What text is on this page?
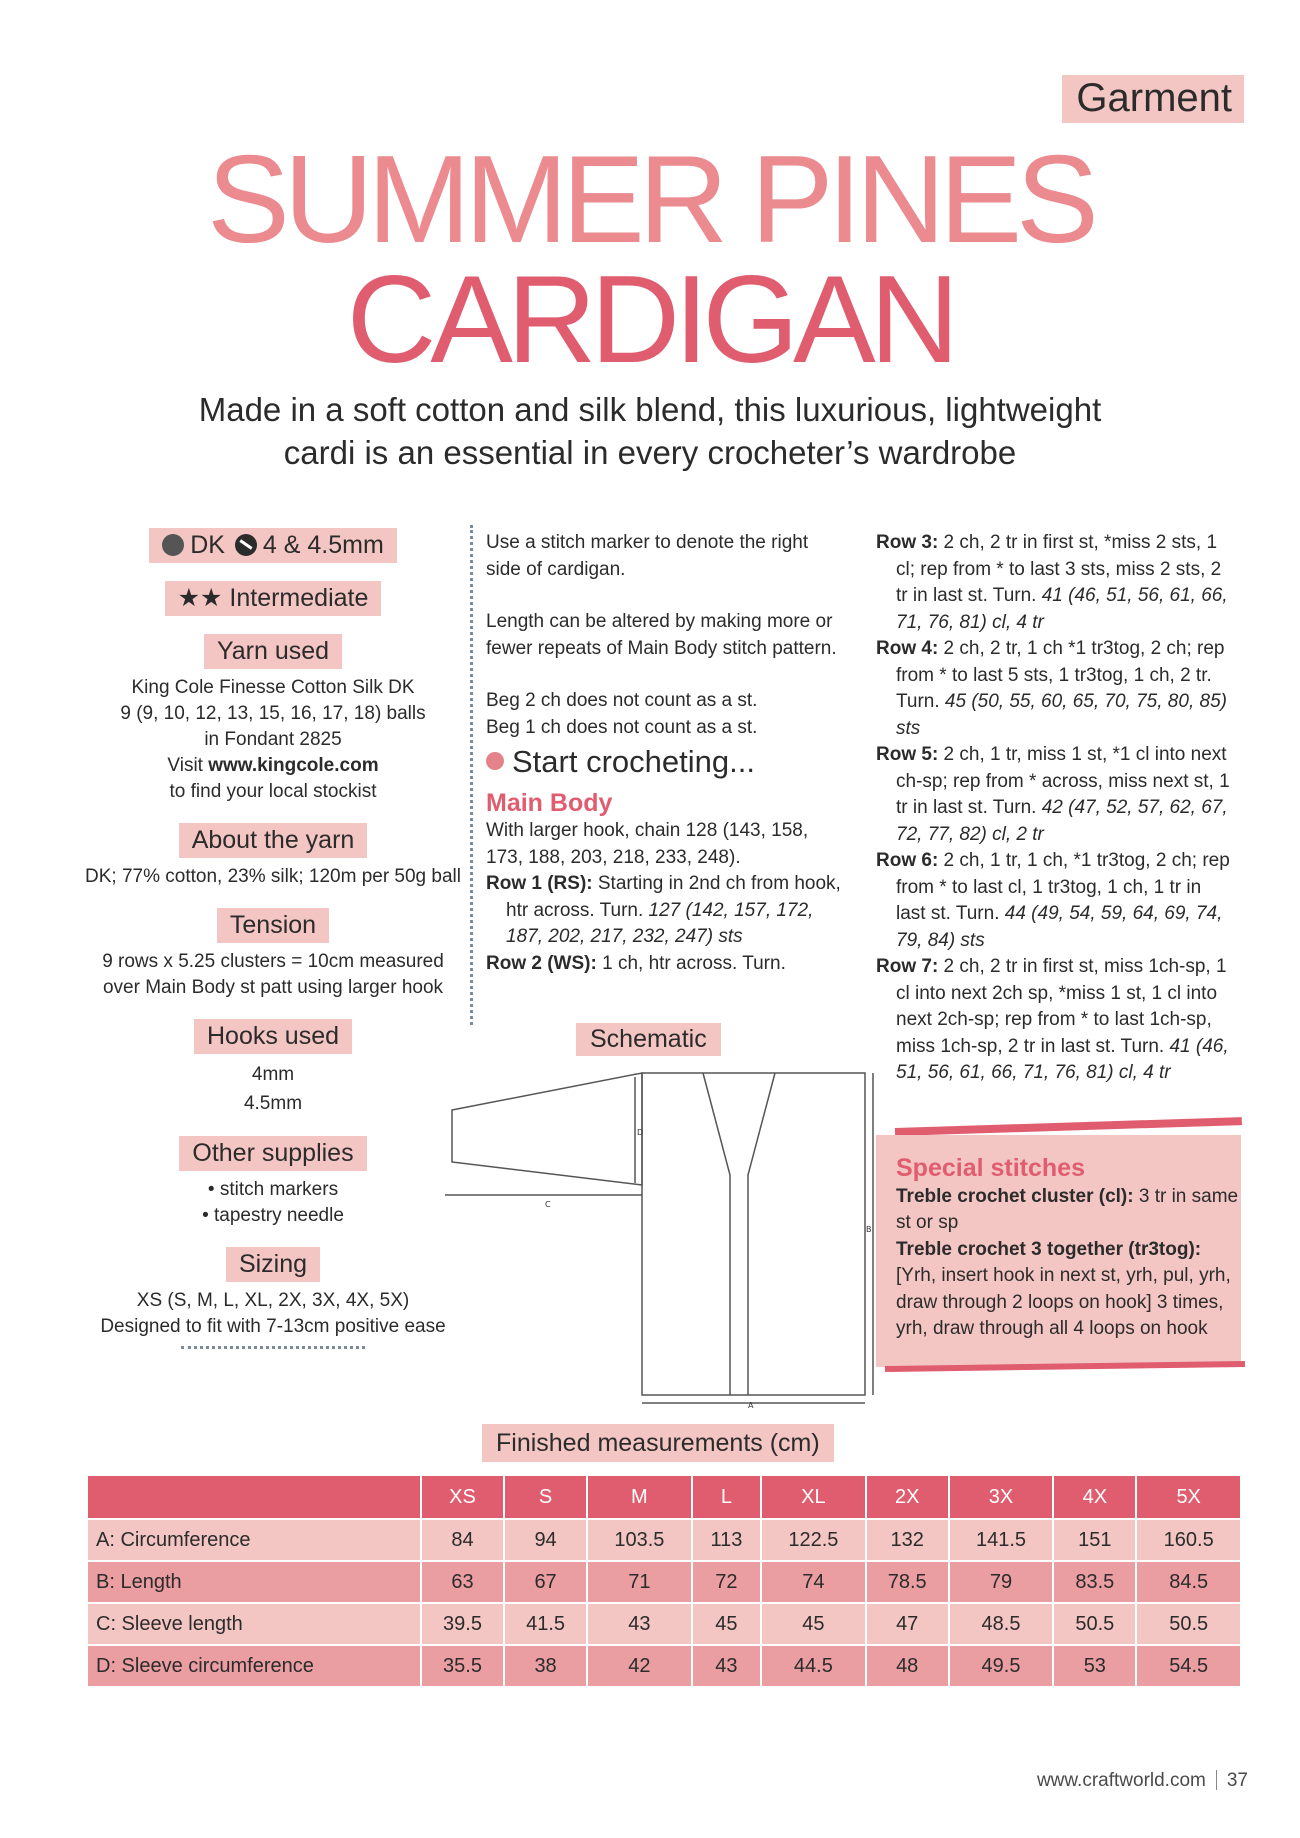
Garment
SUMMER PINES
CARDIGAN
Made in a soft cotton and silk blend, this luxurious, lightweight
cardi is an essential in every crocheter’s wardrobe
DK 4 & 4.5mm
★★ Intermediate
Yarn used
King Cole Finesse Cotton Silk DK
9 (9, 10, 12, 13, 15, 16, 17, 18) balls
in Fondant 2825
Visit www.kingcole.com
to find your local stockist
About the yarn
DK; 77% cotton, 23% silk; 120m per 50g ball
Tension
9 rows x 5.25 clusters = 10cm measured
over Main Body st patt using larger hook
Hooks used
4mm
4.5mm
Other supplies
• stitch markers
• tapestry needle
Sizing
XS (S, M, L, XL, 2X, 3X, 4X, 5X)
Designed to fit with 7-13cm positive ease

Use a stitch marker to denote the right side of cardigan.

Length can be altered by making more or fewer repeats of Main Body stitch pattern.

Beg 2 ch does not count as a st.
Beg 1 ch does not count as a st.
Start crocheting...
Main Body
With larger hook, chain 128 (143, 158, 173, 188, 203, 218, 233, 248).
Row 1 (RS): Starting in 2nd ch from hook, htr across. Turn. 127 (142, 157, 172, 187, 202, 217, 232, 247) sts
Row 2 (WS): 1 ch, htr across. Turn.
Row 3: 2 ch, 2 tr in first st, *miss 2 sts, 1 cl; rep from * to last 3 sts, miss 2 sts, 2 tr in last st. Turn. 41 (46, 51, 56, 61, 66, 71, 76, 81) cl, 4 tr
Row 4: 2 ch, 2 tr, 1 ch *1 tr3tog, 2 ch; rep from * to last 5 sts, 1 tr3tog, 1 ch, 2 tr. Turn. 45 (50, 55, 60, 65, 70, 75, 80, 85) sts
Row 5: 2 ch, 1 tr, miss 1 st, *1 cl into next ch-sp; rep from * across, miss next st, 1 tr in last st. Turn. 42 (47, 52, 57, 62, 67, 72, 77, 82) cl, 2 tr
Row 6: 2 ch, 1 tr, 1 ch, *1 tr3tog, 2 ch; rep from * to last cl, 1 tr3tog, 1 ch, 1 tr in last st. Turn. 44 (49, 54, 59, 64, 69, 74, 79, 84) sts
Row 7: 2 ch, 2 tr in first st, miss 1ch-sp, 1 cl into next 2ch sp, *miss 1 st, 1 cl into next 2ch-sp; rep from * to last 1ch-sp, miss 1ch-sp, 2 tr in last st. Turn. 41 (46, 51, 56, 61, 66, 71, 76, 81) cl, 4 tr
Schematic
D
C
B
A
Special stitches
Treble crochet cluster (cl): 3 tr in same st or sp
Treble crochet 3 together (tr3tog): [Yrh, insert hook in next st, yrh, pul, yrh, draw through 2 loops on hook] 3 times, yrh, draw through all 4 loops on hook
Finished measurements (cm)
	XS	S	M	L	XL	2X	3X	4X	5X
A: Circumference	84	94	103.5	113	122.5	132	141.5	151	160.5
B: Length	63	67	71	72	74	78.5	79	83.5	84.5
C: Sleeve length	39.5	41.5	43	45	45	47	48.5	50.5	50.5
D: Sleeve circumference	35.5	38	42	43	44.5	48	49.5	53	54.5
www.craftworld.com 37
